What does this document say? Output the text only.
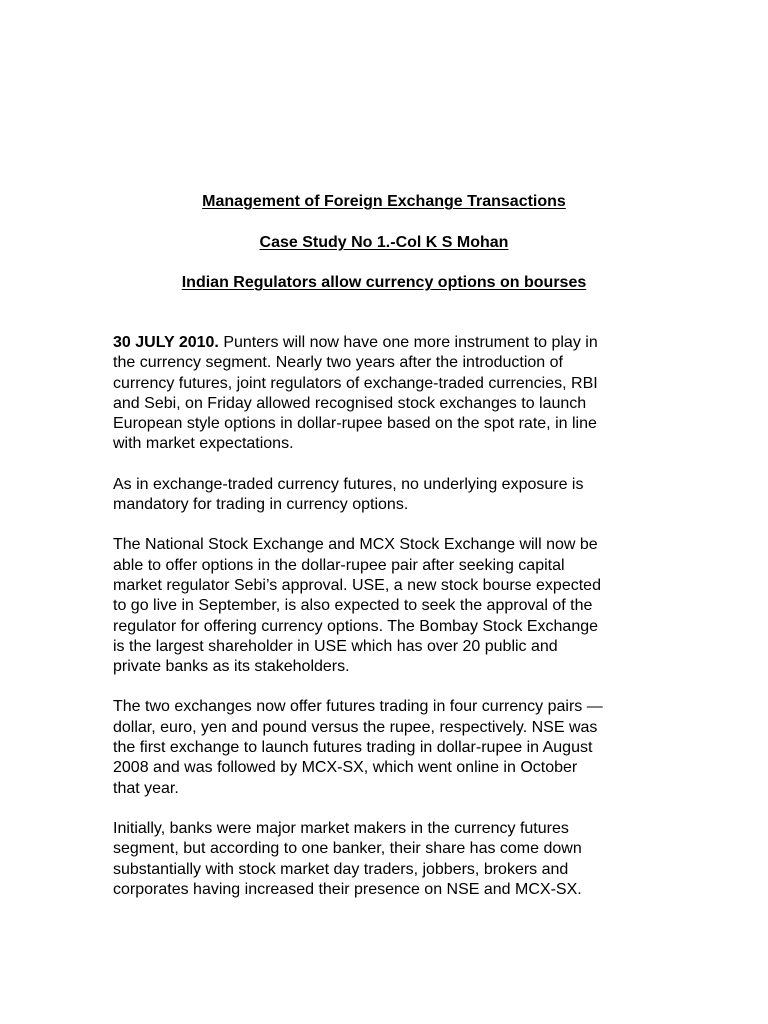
Management of Foreign Exchange Transactions
Case Study No 1.-Col K S Mohan
Indian Regulators allow currency options on bourses

30 JULY 2010. Punters will now have one more instrument to play in
the currency segment. Nearly two years after the introduction of
currency futures, joint regulators of exchange-traded currencies, RBI
and Sebi, on Friday allowed recognised stock exchanges to launch
European style options in dollar-rupee based on the spot rate, in line
with market expectations.

As in exchange-traded currency futures, no underlying exposure is
mandatory for trading in currency options.

The National Stock Exchange and MCX Stock Exchange will now be
able to offer options in the dollar-rupee pair after seeking capital
market regulator Sebi’s approval. USE, a new stock bourse expected
to go live in September, is also expected to seek the approval of the
regulator for offering currency options. The Bombay Stock Exchange
is the largest shareholder in USE which has over 20 public and
private banks as its stakeholders.

The two exchanges now offer futures trading in four currency pairs —
dollar, euro, yen and pound versus the rupee, respectively. NSE was
the first exchange to launch futures trading in dollar-rupee in August
2008 and was followed by MCX-SX, which went online in October
that year.

Initially, banks were major market makers in the currency futures
segment, but according to one banker, their share has come down
substantially with stock market day traders, jobbers, brokers and
corporates having increased their presence on NSE and MCX-SX.
